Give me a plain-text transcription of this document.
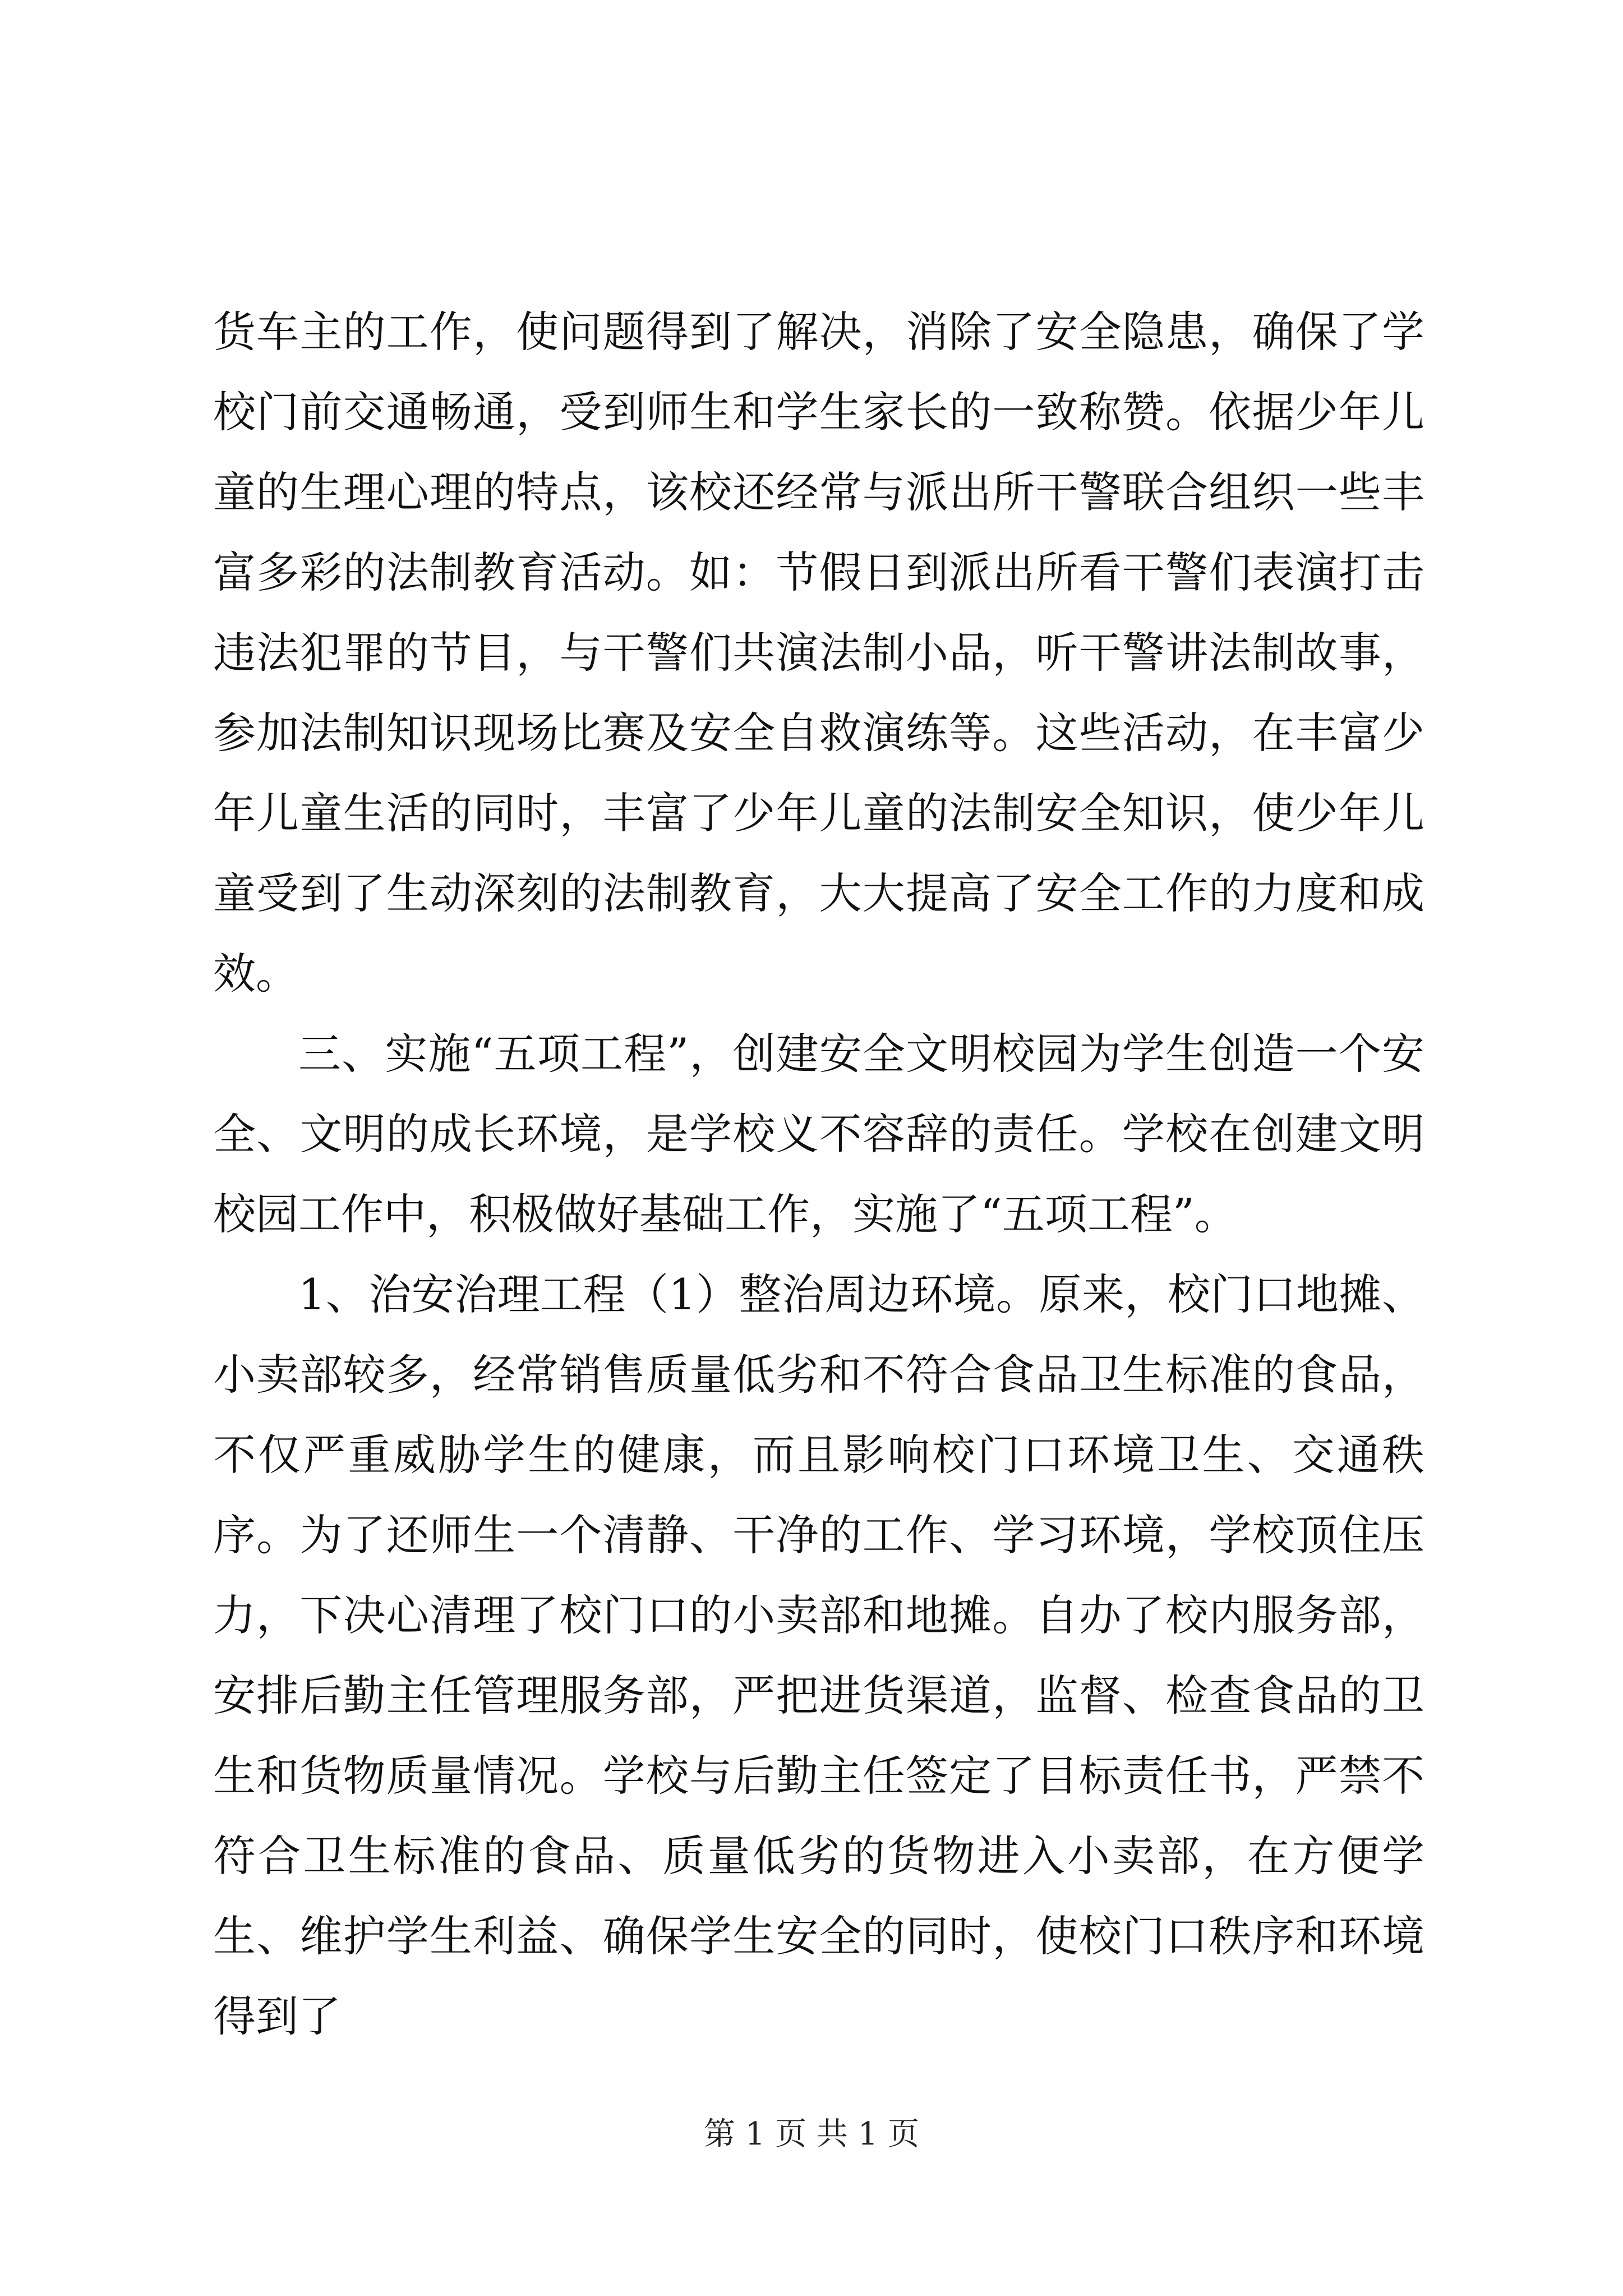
货车主的工作，使问题得到了解决，消除了安全隐患，确保了学校门前交通畅通，受到师生和学生家长的一致称赞。依据少年儿童的生理心理的特点，该校还经常与派出所干警联合组织一些丰富多彩的法制教育活动。如：节假日到派出所看干警们表演打击违法犯罪的节目，与干警们共演法制小品，听干警讲法制故事，参加法制知识现场比赛及安全自救演练等。这些活动，在丰富少年儿童生活的同时，丰富了少年儿童的法制安全知识，使少年儿童受到了生动深刻的法制教育，大大提高了安全工作的力度和成效。

三、实施“五项工程”，创建安全文明校园为学生创造一个安全、文明的成长环境，是学校义不容辞的责任。学校在创建文明校园工作中，积极做好基础工作，实施了“五项工程”。

1、治安治理工程（1）整治周边环境。原来，校门口地摊、小卖部较多，经常销售质量低劣和不符合食品卫生标准的食品，不仅严重威胁学生的健康，而且影响校门口环境卫生、交通秩序。为了还师生一个清静、干净的工作、学习环境，学校顶住压力，下决心清理了校门口的小卖部和地摊。自办了校内服务部，安排后勤主任管理服务部，严把进货渠道，监督、检查食品的卫生和货物质量情况。学校与后勤主任签定了目标责任书，严禁不符合卫生标准的食品、质量低劣的货物进入小卖部，在方便学生、维护学生利益、确保学生安全的同时，使校门口秩序和环境得到了

第 1 页 共 1 页
